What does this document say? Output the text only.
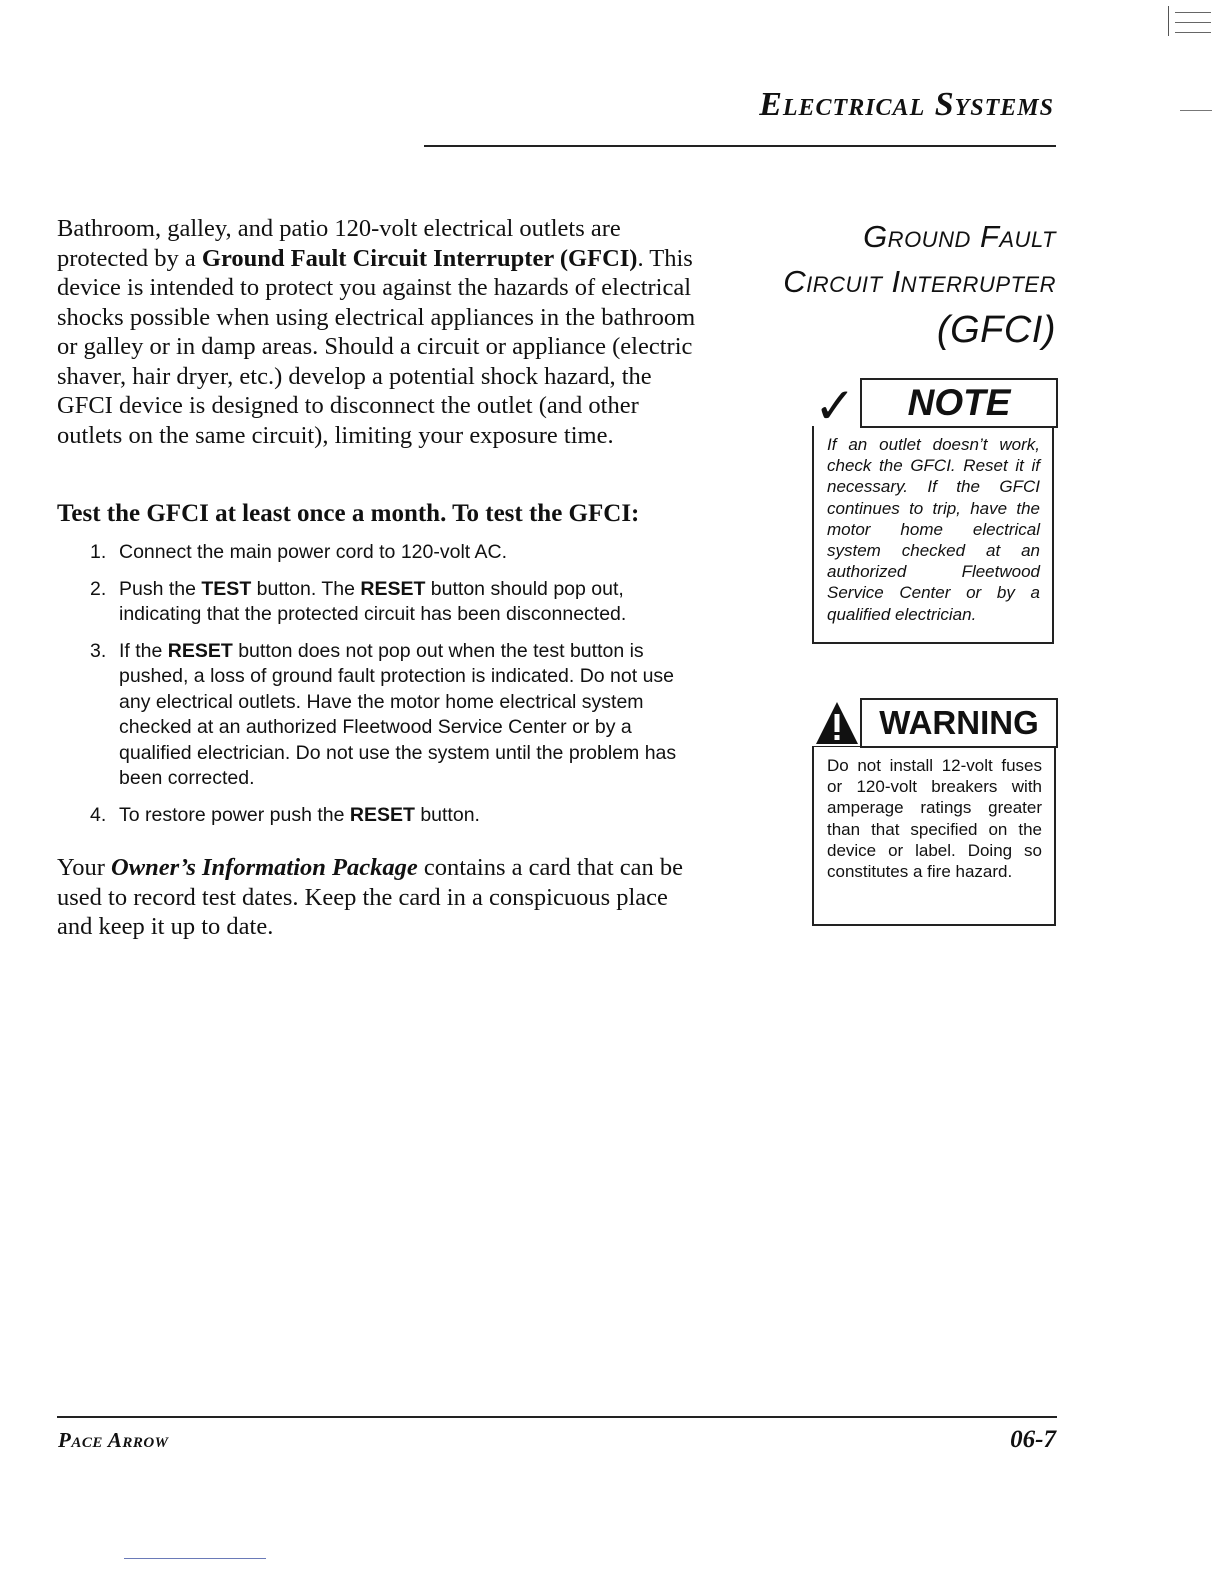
Electrical Systems

Bathroom, galley, and patio 120-volt electrical outlets are protected by a Ground Fault Circuit Interrupter (GFCI). This device is intended to protect you against the hazards of electrical shocks possible when using electrical appliances in the bathroom or galley or in damp areas. Should a circuit or appliance (electric shaver, hair dryer, etc.) develop a potential shock hazard, the GFCI device is designed to disconnect the outlet (and other outlets on the same circuit), limiting your exposure time.

Test the GFCI at least once a month. To test the GFCI:
1. Connect the main power cord to 120-volt AC.
2. Push the TEST button. The RESET button should pop out, indicating that the protected circuit has been disconnected.
3. If the RESET button does not pop out when the test button is pushed, a loss of ground fault protection is indicated. Do not use any electrical outlets. Have the motor home electrical system checked at an authorized Fleetwood Service Center or by a qualified electrician. Do not use the system until the problem has been corrected.
4. To restore power push the RESET button.

Your Owner’s Information Package contains a card that can be used to record test dates. Keep the card in a conspicuous place and keep it up to date.

Ground Fault
Circuit Interrupter
(GFCI)
✓	NOTE
If an outlet doesn’t work, check the GFCI. Reset it if necessary. If the GFCI continues to trip, have the motor home electrical system checked at an authorized Fleetwood Service Center or by a qualified electrician.
WARNING
Do not install 12-volt fuses or 120-volt breakers with amperage ratings greater than that specified on the device or label. Doing so constitutes a fire hazard.
Pace Arrow	06-7
